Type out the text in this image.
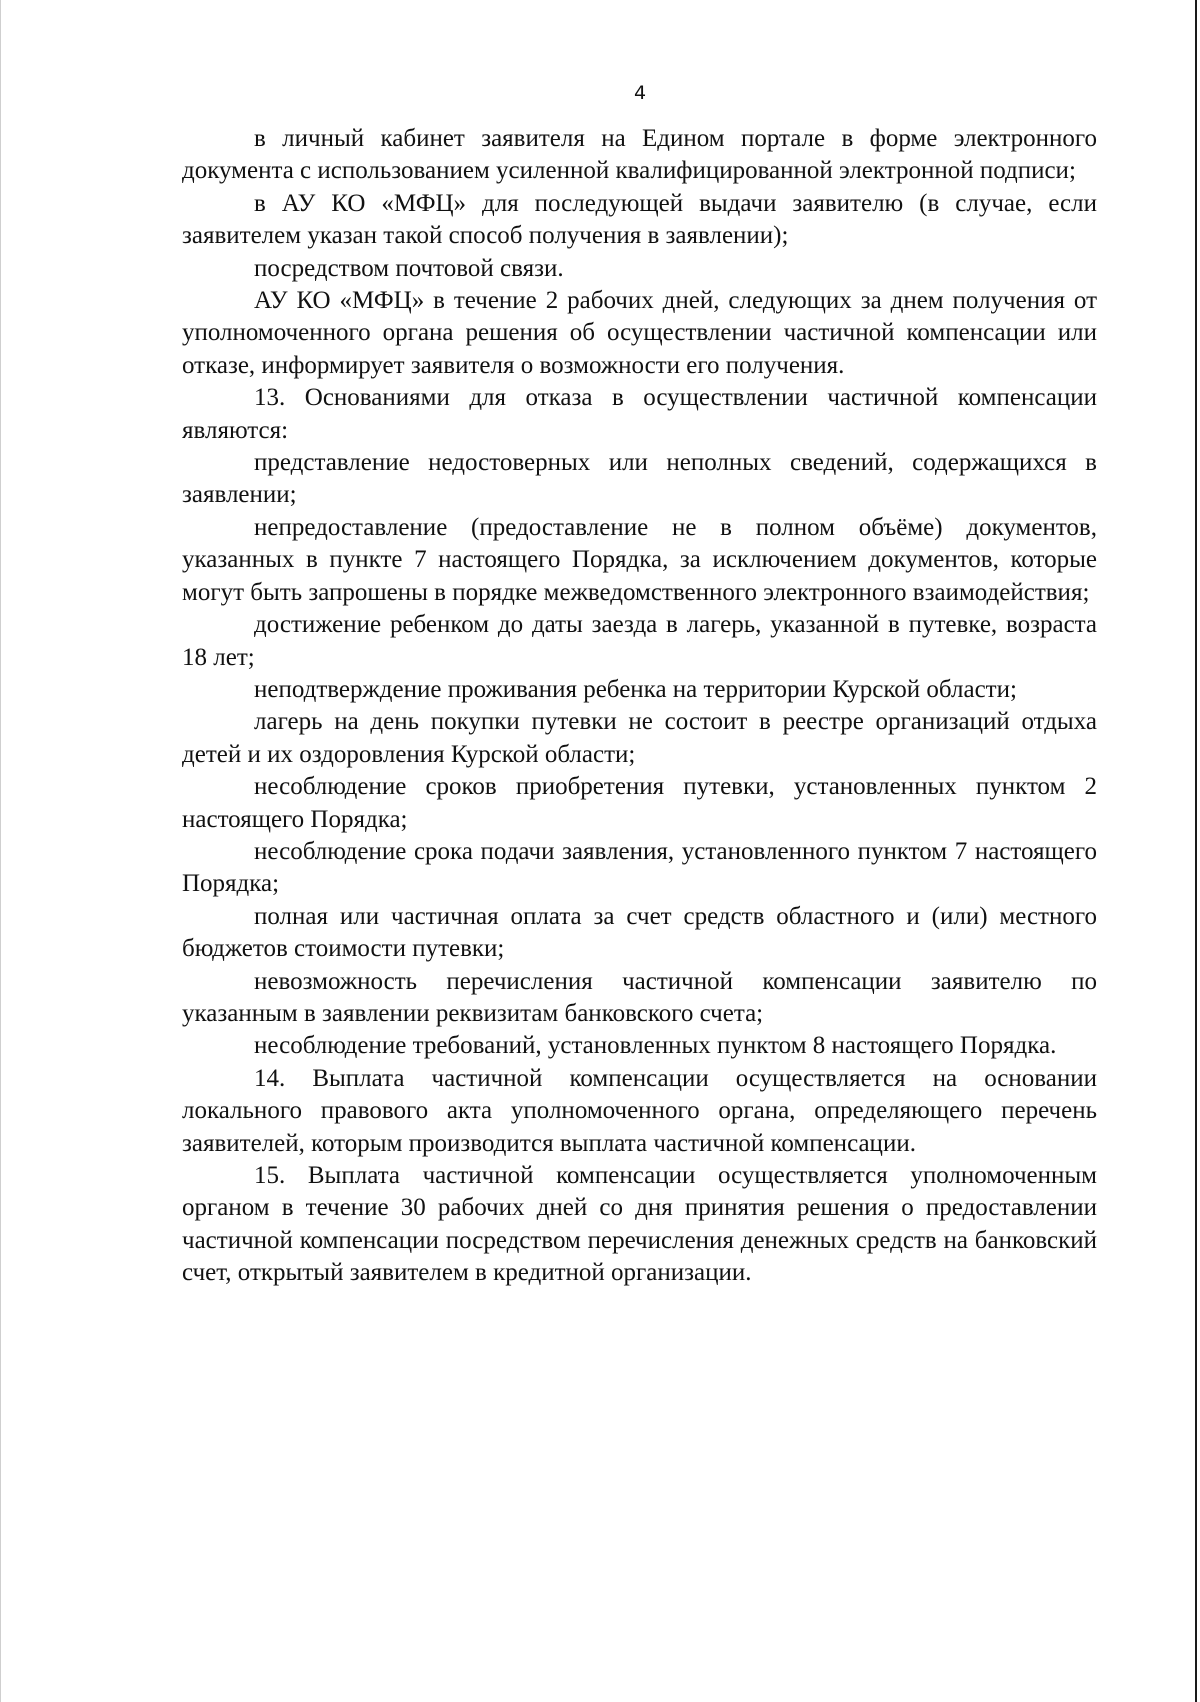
4

в личный кабинет заявителя на Едином портале в форме электронного документа с использованием усиленной квалифицированной электронной подписи;

в АУ КО «МФЦ» для последующей выдачи заявителю (в случае, если заявителем указан такой способ получения в заявлении);

посредством почтовой связи.

АУ КО «МФЦ» в течение 2 рабочих дней, следующих за днем получения от уполномоченного органа решения об осуществлении частичной компенсации или отказе, информирует заявителя о возможности его получения.

13. Основаниями для отказа в осуществлении частичной компенсации являются:

представление недостоверных или неполных сведений, содержащихся в заявлении;

непредоставление (предоставление не в полном объёме) документов, указанных в пункте 7 настоящего Порядка, за исключением документов, которые могут быть запрошены в порядке межведомственного электронного взаимодействия;

достижение ребенком до даты заезда в лагерь, указанной в путевке, возраста 18 лет;

неподтверждение проживания ребенка на территории Курской области;

лагерь на день покупки путевки не состоит в реестре организаций отдыха детей и их оздоровления Курской области;

несоблюдение сроков приобретения путевки, установленных пунктом 2 настоящего Порядка;

несоблюдение срока подачи заявления, установленного пунктом 7 настоящего Порядка;

полная или частичная оплата за счет средств областного и (или) местного бюджетов стоимости путевки;

невозможность перечисления частичной компенсации заявителю по указанным в заявлении реквизитам банковского счета;

несоблюдение требований, установленных пунктом 8 настоящего Порядка.

14. Выплата частичной компенсации осуществляется на основании локального правового акта уполномоченного органа, определяющего перечень заявителей, которым производится выплата частичной компенсации.

15. Выплата частичной компенсации осуществляется уполномоченным органом в течение 30 рабочих дней со дня принятия решения о предоставлении частичной компенсации посредством перечисления денежных средств на банковский счет, открытый заявителем в кредитной организации.
